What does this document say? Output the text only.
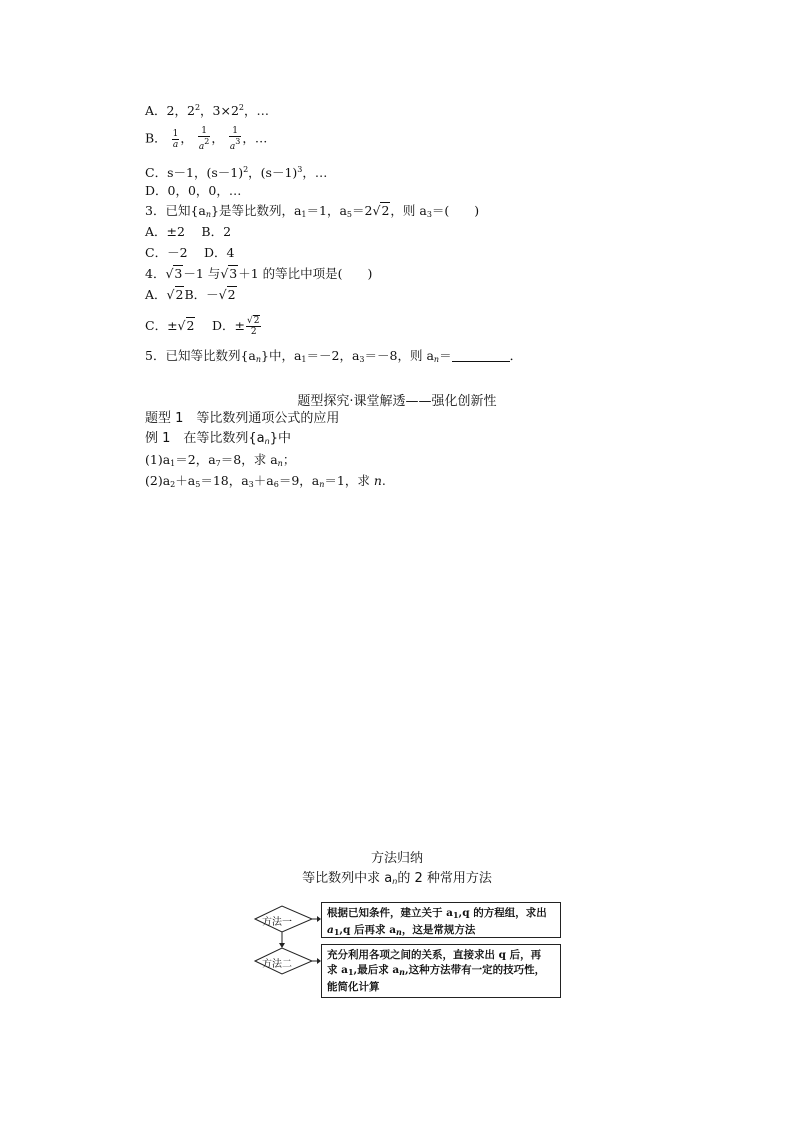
A．2，$2^2$，$3\times 2^2$，…
B． $\frac{1}{a}$ ， $\frac{1}{a^2}$ ， $\frac{1}{a^3}$ ，…
C．s－1，$(s-1)^2$，$(s-1)^3$，…
D．0，0，0，…
3．已知$\{a_n\}$是等比数列，$a_1=1$，$a_5=2√2$，则 $a_3=$(　　)
A．±2　 B．2
C．－2　 D．4
4．√3－1 与√3＋1 的等比中项是(　　)
A．√2B．－√2
C．±√2 　D．± $\frac{√2}{2}$
5．已知等比数列$\{a_n\}$中，$a_1=-2$，$a_3=-8$，则 $a_n=$	．
题型探究·课堂解透——强化创新性
题型 1　等比数列通项公式的应用
例 1　在等比数列$\{a_n\}$中
$(1)a_1=2$，$a_7=8$，求 $a_n$；
$(2)a_2+a_5=18$，$a_3+a_6=9$，$a_n=1$，求 n.
方法归纳
等比数列中求 $a_n$的 2 种常用方法
方法一
方法二
根据已知条件，建立关于 $a_1,q$ 的方程组，求出
$a_1,q$ 后再求 $a_n$，这是常规方法
充分利用各项之间的关系，直接求出 q 后，再
求 $a_1$,最后求 $a_n$,这种方法带有一定的技巧性，
能简化计算
